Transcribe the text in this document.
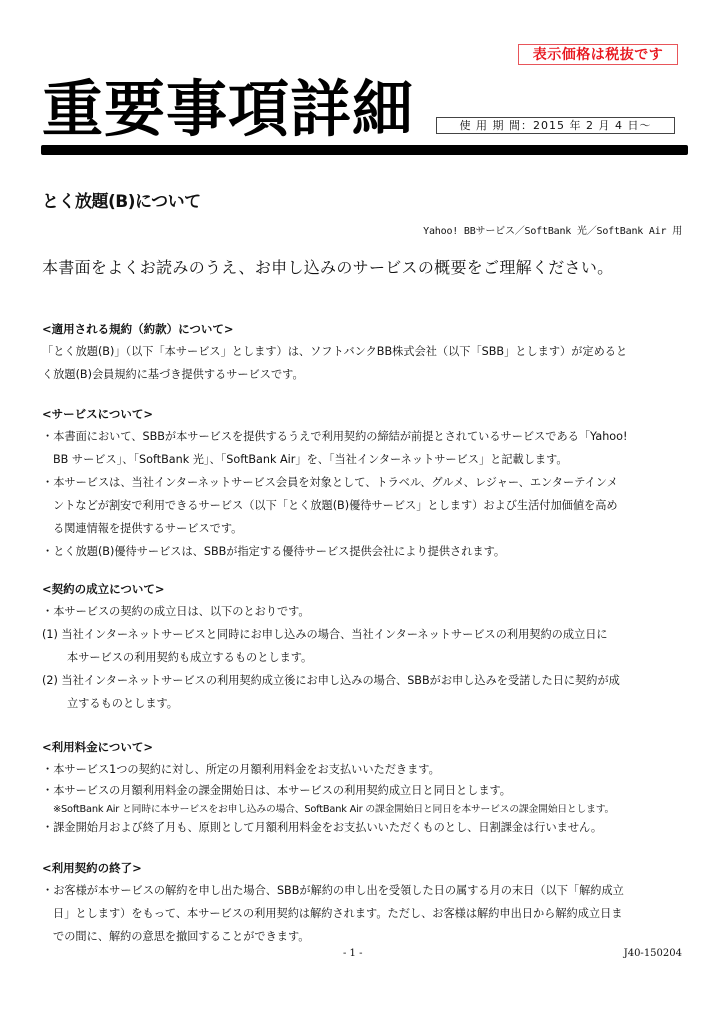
表示価格は税抜です
重要事項詳細	使 用 期 間：2015 年 2 月 4 日～
とく放題(B)について
Yahoo! BBサービス／SoftBank 光／SoftBank Air 用
本書面をよくお読みのうえ、お申し込みのサービスの概要をご理解ください。
<適用される規約（約款）について>
「とく放題(B)」（以下「本サービス」とします）は、ソフトバンクBB株式会社（以下「SBB」とします）が定めると
く放題(B)会員規約に基づき提供するサービスです。
<サービスについて>
・本書面において、SBBが本サービスを提供するうえで利用契約の締結が前提とされているサービスである「Yahoo!
BB サービス」、「SoftBank 光」、「SoftBank Air」を、「当社インターネットサービス」と記載します。
・本サービスは、当社インターネットサービス会員を対象として、トラベル、グルメ、レジャー、エンターテインメ
ントなどが割安で利用できるサービス（以下「とく放題(B)優待サービス」とします）および生活付加価値を高め
る関連情報を提供するサービスです。
・とく放題(B)優待サービスは、SBBが指定する優待サービス提供会社により提供されます。
<契約の成立について>
・本サービスの契約の成立日は、以下のとおりです。
(1) 当社インターネットサービスと同時にお申し込みの場合、当社インターネットサービスの利用契約の成立日に
本サービスの利用契約も成立するものとします。
(2) 当社インターネットサービスの利用契約成立後にお申し込みの場合、SBBがお申し込みを受諾した日に契約が成
立するものとします。
<利用料金について>
・本サービス1つの契約に対し、所定の月額利用料金をお支払いいただきます。
・本サービスの月額利用料金の課金開始日は、本サービスの利用契約成立日と同日とします。
※SoftBank Air と同時に本サービスをお申し込みの場合、SoftBank Air の課金開始日と同日を本サービスの課金開始日とします。
・課金開始月および終了月も、原則として月額利用料金をお支払いいただくものとし、日割課金は行いません。
<利用契約の終了>
・お客様が本サービスの解約を申し出た場合、SBBが解約の申し出を受領した日の属する月の末日（以下「解約成立
日」とします）をもって、本サービスの利用契約は解約されます。ただし、お客様は解約申出日から解約成立日ま
での間に、解約の意思を撤回することができます。
- 1 -	J40-150204
